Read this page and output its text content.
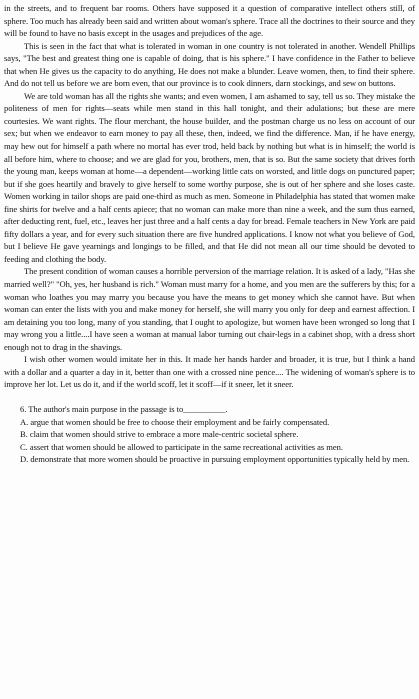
in the streets, and to frequent bar rooms. Others have supposed it a question of comparative intellect others still, of sphere. Too much has already been said and written about woman's sphere. Trace all the doctrines to their source and they will be found to have no basis except in the usages and prejudices of the age.

This is seen in the fact that what is tolerated in woman in one country is not tolerated in another. Wendell Phillips says, "The best and greatest thing one is capable of doing, that is his sphere." I have confidence in the Father to believe that when He gives us the capacity to do anything, He does not make a blunder. Leave women, then, to find their sphere. And do not tell us before we are born even, that our province is to cook dinners, darn stockings, and sew on buttons.

We are told woman has all the rights she wants; and even women, I am ashamed to say, tell us so. They mistake the politeness of men for rights—seats while men stand in this hall tonight, and their adulations; but these are mere courtesies. We want rights. The flour merchant, the house builder, and the postman charge us no less on account of our sex; but when we endeavor to earn money to pay all these, then, indeed, we find the difference. Man, if he have energy, may hew out for himself a path where no mortal has ever trod, held back by nothing but what is in himself; the world is all before him, where to choose; and we are glad for you, brothers, men, that is so. But the same society that drives forth the young man, keeps woman at home—a dependent—working little cats on worsted, and little dogs on punctured paper; but if she goes heartily and bravely to give herself to some worthy purpose, she is out of her sphere and she loses caste. Women working in tailor shops are paid one-third as much as men. Someone in Philadelphia has stated that women make fine shirts for twelve and a half cents apiece; that no woman can make more than nine a week, and the sum thus earned, after deducting rent, fuel, etc., leaves her just three and a half cents a day for bread. Female teachers in New York are paid fifty dollars a year, and for every such situation there are five hundred applications. I know not what you believe of God, but I believe He gave yearnings and longings to be filled, and that He did not mean all our time should be devoted to feeding and clothing the body.

The present condition of woman causes a horrible perversion of the marriage relation. It is asked of a lady, "Has she married well?" "Oh, yes, her husband is rich." Woman must marry for a home, and you men are the sufferers by this; for a woman who loathes you may marry you because you have the means to get money which she cannot have. But when woman can enter the lists with you and make money for herself, she will marry you only for deep and earnest affection. I am detaining you too long, many of you standing, that I ought to apologize, but women have been wronged so long that I may wrong you a little....I have seen a woman at manual labor turning out chair-legs in a cabinet shop, with a dress short enough not to drag in the shavings.

I wish other women would imitate her in this. It made her hands harder and broader, it is true, but I think a hand with a dollar and a quarter a day in it, better than one with a crossed nine pence.... The widening of woman's sphere is to improve her lot. Let us do it, and if the world scoff, let it scoff—if it sneer, let it sneer.

6. The author's main purpose in the passage is to__________.

A. argue that women should be free to choose their employment and be fairly compensated.

B. claim that women should strive to embrace a more male-centric societal sphere.

C. assert that women should be allowed to participate in the same recreational activities as men.

D. demonstrate that more women should be proactive in pursuing employment opportunities typically held by men.
